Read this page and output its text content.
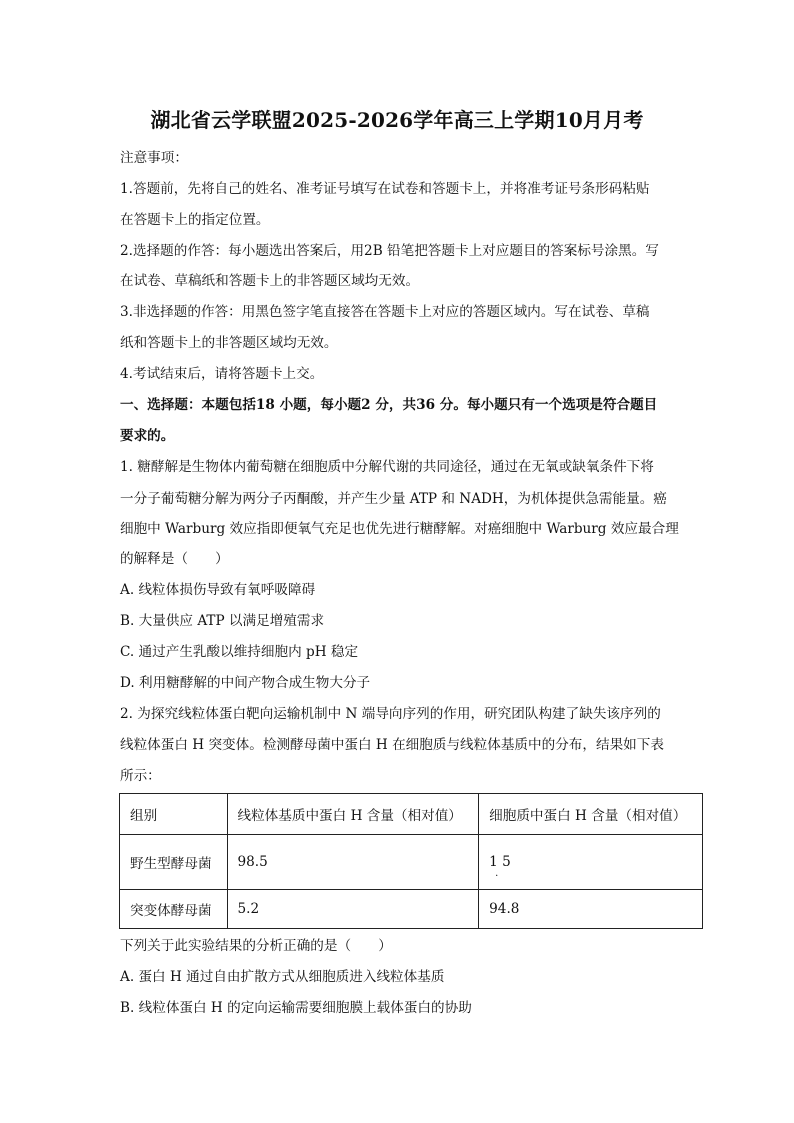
湖北省云学联盟2025-2026学年高三上学期10月月考
注意事项：
1.答题前，先将自己的姓名、准考证号填写在试卷和答题卡上，并将准考证号条形码粘贴
在答题卡上的指定位置。
2.选择题的作答：每小题选出答案后，用2B 铅笔把答题卡上对应题目的答案标号涂黑。写
在试卷、草稿纸和答题卡上的非答题区域均无效。
3.非选择题的作答：用黑色签字笔直接答在答题卡上对应的答题区域内。写在试卷、草稿
纸和答题卡上的非答题区域均无效。
4.考试结束后，请将答题卡上交。
一、选择题：本题包括18 小题，每小题2 分，共36 分。每小题只有一个选项是符合题目
要求的。
1. 糖酵解是生物体内葡萄糖在细胞质中分解代谢的共同途径，通过在无氧或缺氧条件下将
一分子葡萄糖分解为两分子丙酮酸，并产生少量 ATP 和 NADH，为机体提供急需能量。癌
细胞中 Warburg 效应指即便氧气充足也优先进行糖酵解。对癌细胞中 Warburg 效应最合理
的解释是（　　）
A. 线粒体损伤导致有氧呼吸障碍
B. 大量供应 ATP 以满足增殖需求
C. 通过产生乳酸以维持细胞内 pH 稳定
D. 利用糖酵解的中间产物合成生物大分子
2. 为探究线粒体蛋白靶向运输机制中 N 端导向序列的作用，研究团队构建了缺失该序列的
线粒体蛋白 H 突变体。检测酵母菌中蛋白 H 在细胞质与线粒体基质中的分布，结果如下表
所示：
组别	线粒体基质中蛋白 H 含量（相对值）	细胞质中蛋白 H 含量（相对值）
野生型酵母菌	98.5	1 5
.

突变体酵母菌	5.2	94.8
下列关于此实验结果的分析正确的是（　　）
A. 蛋白 H 通过自由扩散方式从细胞质进入线粒体基质
B. 线粒体蛋白 H 的定向运输需要细胞膜上载体蛋白的协助
